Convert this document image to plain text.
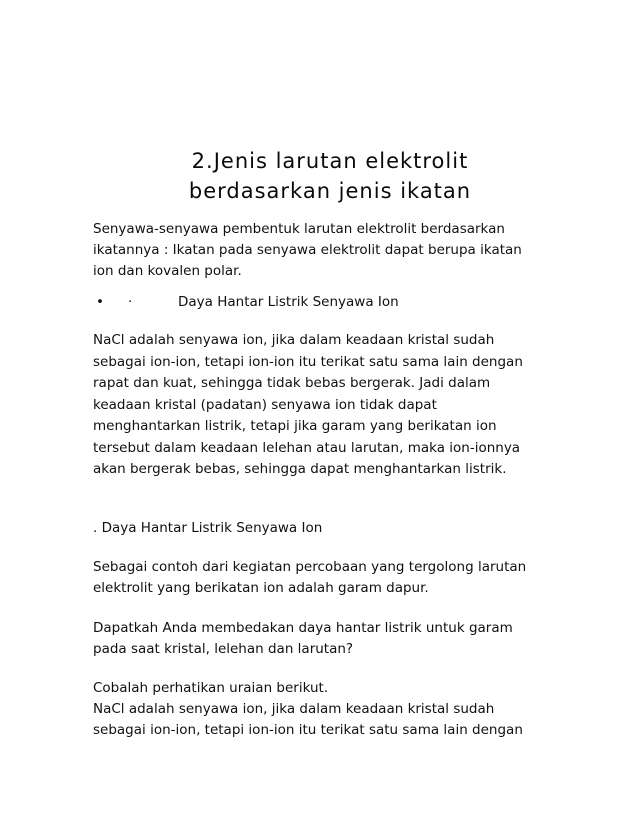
2.Jenis larutan elektrolit
berdasarkan jenis ikatan
Senyawa-senyawa pembentuk larutan elektrolit berdasarkan
ikatannya : Ikatan pada senyawa elektrolit dapat berupa ikatan
ion dan kovalen polar.
• ·	Daya Hantar Listrik Senyawa Ion
NaCl adalah senyawa ion, jika dalam keadaan kristal sudah
sebagai ion-ion, tetapi ion-ion itu terikat satu sama lain dengan
rapat dan kuat, sehingga tidak bebas bergerak. Jadi dalam
keadaan kristal (padatan) senyawa ion tidak dapat
menghantarkan listrik, tetapi jika garam yang berikatan ion
tersebut dalam keadaan lelehan atau larutan, maka ion-ionnya
akan bergerak bebas, sehingga dapat menghantarkan listrik.
. Daya Hantar Listrik Senyawa Ion
Sebagai contoh dari kegiatan percobaan yang tergolong larutan
elektrolit yang berikatan ion adalah garam dapur.
Dapatkah Anda membedakan daya hantar listrik untuk garam
pada saat kristal, lelehan dan larutan?
Cobalah perhatikan uraian berikut.
NaCl adalah senyawa ion, jika dalam keadaan kristal sudah
sebagai ion-ion, tetapi ion-ion itu terikat satu sama lain dengan
